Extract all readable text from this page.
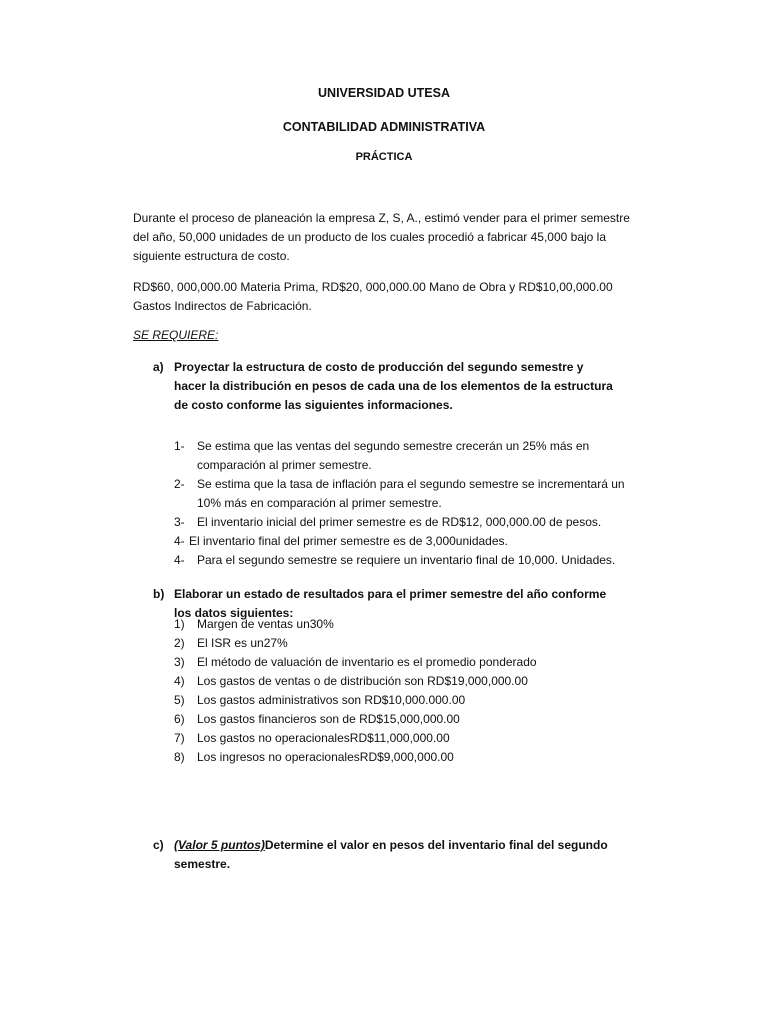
UNIVERSIDAD UTESA
CONTABILIDAD ADMINISTRATIVA
PRÁCTICA

Durante el proceso de planeación la empresa Z, S, A., estimó vender para el primer semestre del año, 50,000 unidades de un producto de los cuales procedió a fabricar 45,000 bajo la siguiente estructura de costo.

RD$60, 000,000.00 Materia Prima, RD$20, 000,000.00 Mano de Obra y RD$10,00,000.00 Gastos Indirectos de Fabricación.

SE REQUIERE:

a) Proyectar la estructura de costo de producción del segundo semestre y hacer la distribución en pesos de cada una de los elementos de la estructura de costo conforme las siguientes informaciones.
1- Se estima que las ventas del segundo semestre crecerán un 25% más en comparación al primer semestre.
2- Se estima que la tasa de inflación para el segundo semestre se incrementará un 10% más en comparación al primer semestre.
3- El inventario inicial del primer semestre es de RD$12, 000,000.00 de pesos.
4- El inventario final del primer semestre es de 3,000unidades.
4- Para el segundo semestre se requiere un inventario final de 10,000. Unidades.
b) Elaborar un estado de resultados para el primer semestre del año conforme los datos siguientes:
1) Margen de ventas un30%
2) El ISR es un27%
3) El método de valuación de inventario es el promedio ponderado
4) Los gastos de ventas o de distribución son RD$19,000,000.00
5) Los gastos administrativos son RD$10,000.000.00
6) Los gastos financieros son de RD$15,000,000.00
7) Los gastos no operacionalesRD$11,000,000.00
8) Los ingresos no operacionalesRD$9,000,000.00
c) (Valor 5 puntos)Determine el valor en pesos del inventario final del segundo semestre.
